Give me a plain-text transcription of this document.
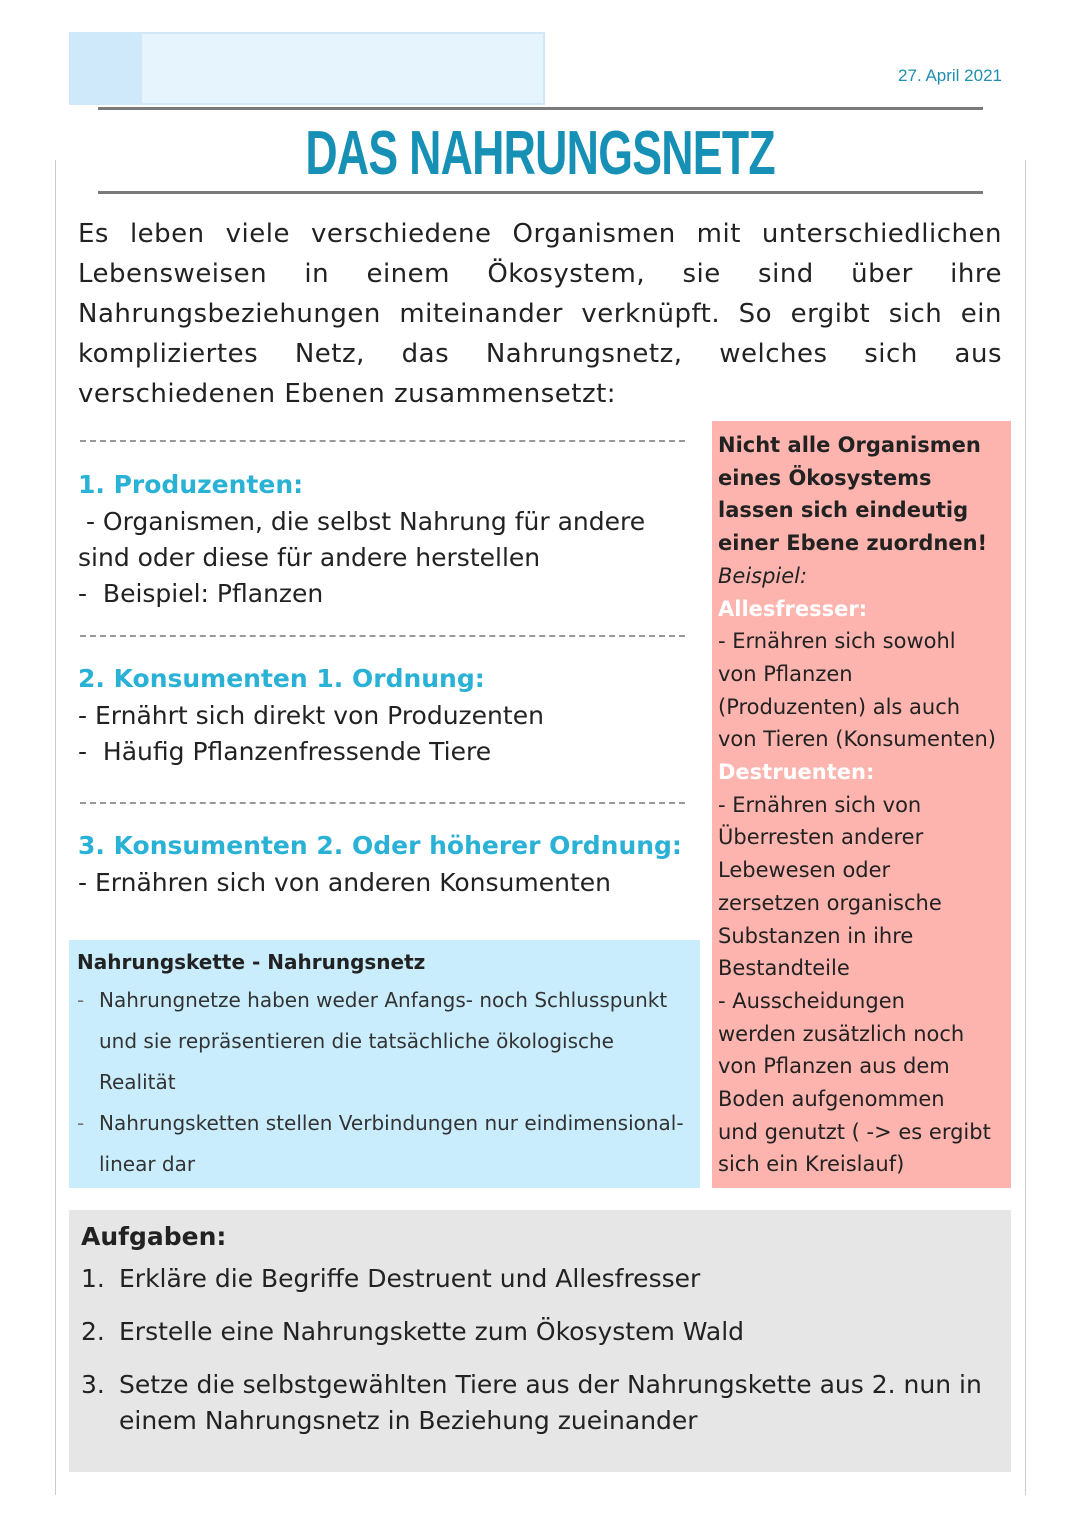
27. April 2021
DAS NAHRUNGSNETZ
Es leben viele verschiedene Organismen mit unterschiedlichen Lebensweisen in einem Ökosystem, sie sind über ihre Nahrungsbeziehungen miteinander verknüpft. So ergibt sich ein kompliziertes Netz, das Nahrungsnetz, welches sich aus verschiedenen Ebenen zusammensetzt:
1. Produzenten:
- Organismen, die selbst Nahrung für andere
sind oder diese für andere herstellen
-  Beispiel: Pflanzen
2. Konsumenten 1. Ordnung:
- Ernährt sich direkt von Produzenten
-  Häufig Pflanzenfressende Tiere
3. Konsumenten 2. Oder höherer Ordnung:
- Ernähren sich von anderen Konsumenten
Nicht alle Organismen eines Ökosystems lassen sich eindeutig einer Ebene zuordnen!
Beispiel:
Allesfresser:
- Ernähren sich sowohl
von Pflanzen
(Produzenten) als auch
von Tieren (Konsumenten)
Destruenten:
- Ernähren sich von
Überresten anderer
Lebewesen oder
zersetzen organische
Substanzen in ihre
Bestandteile
- Ausscheidungen
werden zusätzlich noch
von Pflanzen aus dem
Boden aufgenommen
und genutzt ( -> es ergibt
sich ein Kreislauf)
Nahrungskette - Nahrungsnetz
- Nahrungnetze haben weder Anfangs- noch Schlusspunkt und sie repräsentieren die tatsächliche ökologische Realität
- Nahrungsketten stellen Verbindungen nur eindimensional-linear dar
Aufgaben:
1. Erkläre die Begriffe Destruent und Allesfresser
2. Erstelle eine Nahrungskette zum Ökosystem Wald
3. Setze die selbstgewählten Tiere aus der Nahrungskette aus 2. nun in einem Nahrungsnetz in Beziehung zueinander
